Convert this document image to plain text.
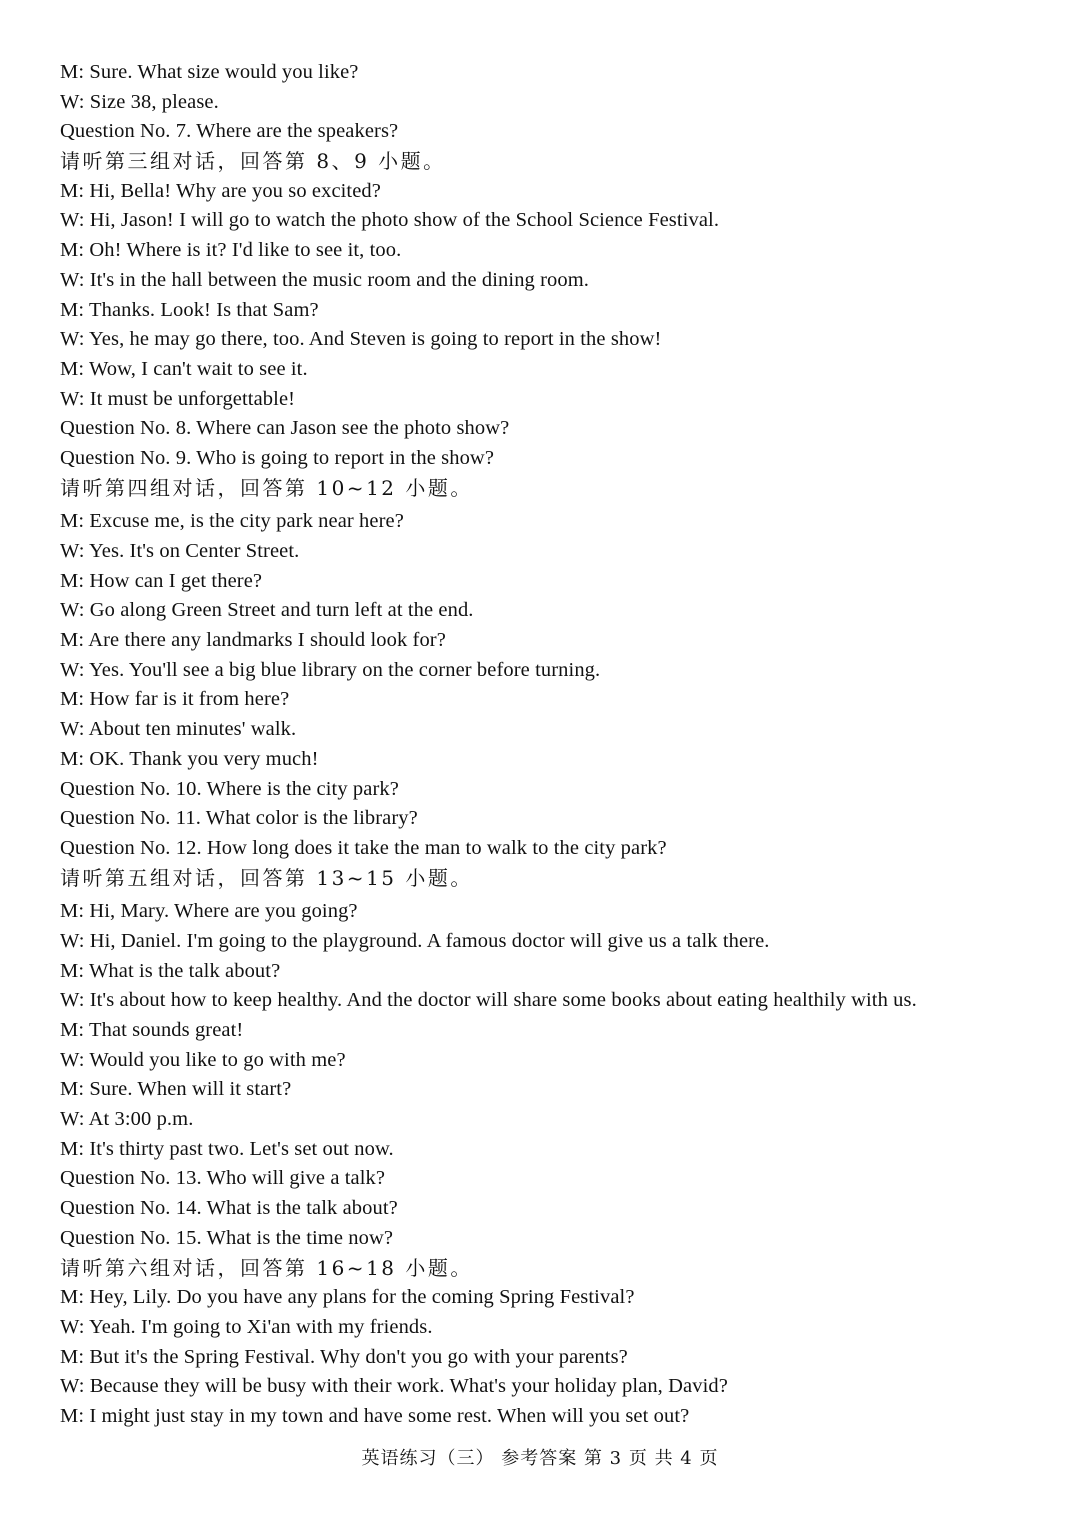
M: Sure. What size would you like?
W: Size 38, please.
Question No. 7. Where are the speakers?
请听第三组对话，回答第 8、9 小题。
M: Hi, Bella! Why are you so excited?
W: Hi, Jason! I will go to watch the photo show of the School Science Festival.
M: Oh! Where is it? I'd like to see it, too.
W: It's in the hall between the music room and the dining room.
M: Thanks. Look! Is that Sam?
W: Yes, he may go there, too. And Steven is going to report in the show!
M: Wow, I can't wait to see it.
W: It must be unforgettable!
Question No. 8. Where can Jason see the photo show?
Question No. 9. Who is going to report in the show?
请听第四组对话，回答第 10~12 小题。
M: Excuse me, is the city park near here?
W: Yes. It's on Center Street.
M: How can I get there?
W: Go along Green Street and turn left at the end.
M: Are there any landmarks I should look for?
W: Yes. You'll see a big blue library on the corner before turning.
M: How far is it from here?
W: About ten minutes' walk.
M: OK. Thank you very much!
Question No. 10. Where is the city park?
Question No. 11. What color is the library?
Question No. 12. How long does it take the man to walk to the city park?
请听第五组对话，回答第 13~15 小题。
M: Hi, Mary. Where are you going?
W: Hi, Daniel. I'm going to the playground. A famous doctor will give us a talk there.
M: What is the talk about?
W: It's about how to keep healthy. And the doctor will share some books about eating healthily with us.
M: That sounds great!
W: Would you like to go with me?
M: Sure. When will it start?
W: At 3:00 p.m.
M: It's thirty past two. Let's set out now.
Question No. 13. Who will give a talk?
Question No. 14. What is the talk about?
Question No. 15. What is the time now?
请听第六组对话，回答第 16~18 小题。
M: Hey, Lily. Do you have any plans for the coming Spring Festival?
W: Yeah. I'm going to Xi'an with my friends.
M: But it's the Spring Festival. Why don't you go with your parents?
W: Because they will be busy with their work. What's your holiday plan, David?
M: I might just stay in my town and have some rest. When will you set out?
英语练习（三） 参考答案 第 3 页 共 4 页
